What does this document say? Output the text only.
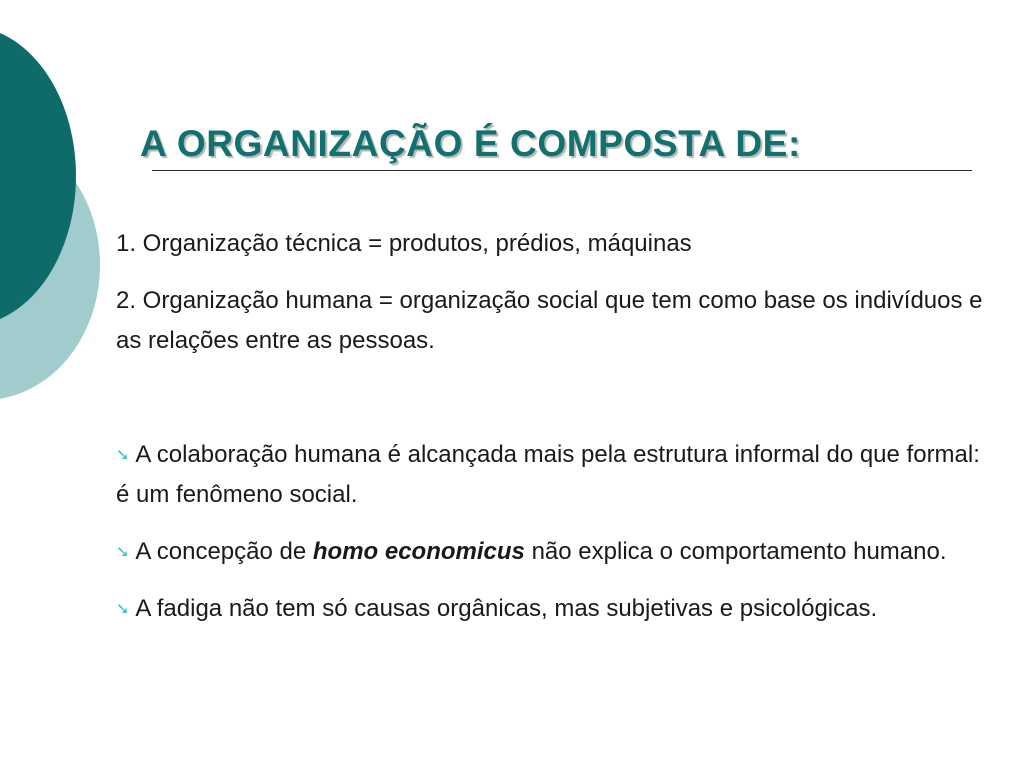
A ORGANIZAÇÃO É COMPOSTA DE:

1. Organização técnica = produtos, prédios, máquinas

2. Organização humana = organização social que tem como base os indivíduos e as relações entre as pessoas.

➘ A colaboração humana é alcançada mais pela estrutura informal do que formal: é um fenômeno social.

➘ A concepção de homo economicus não explica o comportamento humano.

➘ A fadiga não tem só causas orgânicas, mas subjetivas e psicológicas.
